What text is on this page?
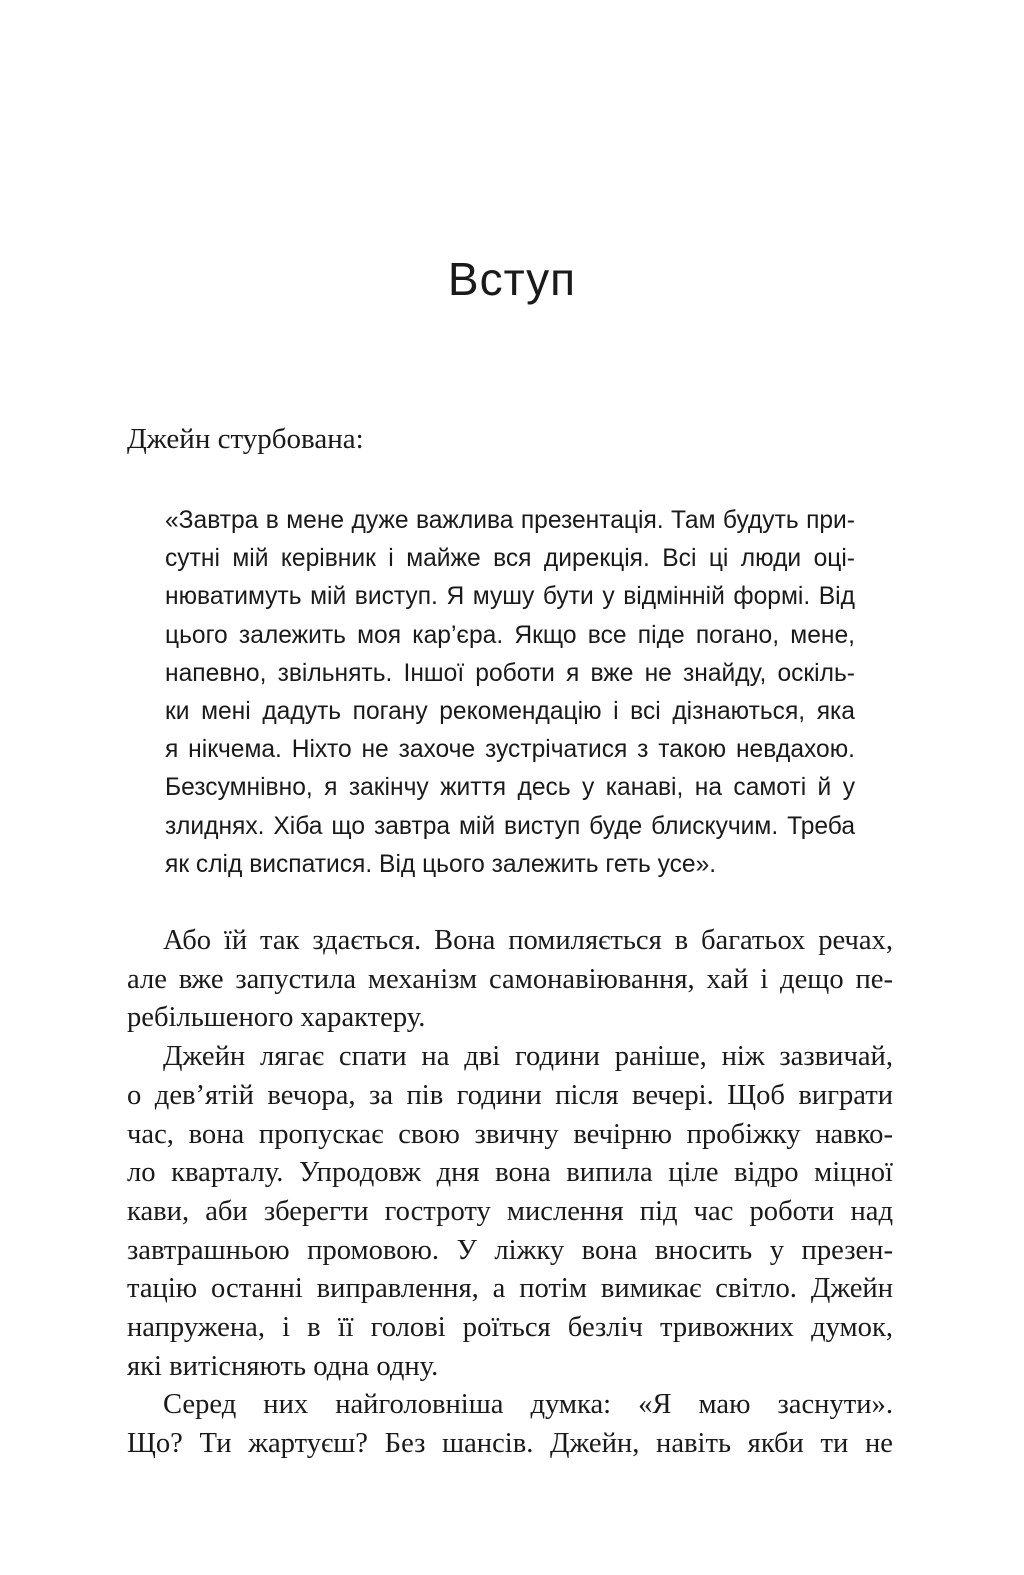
Вступ

Джейн стурбована:

«Завтра в мене дуже важлива презентація. Там будуть при-
сутні мій керівник і майже вся дирекція. Всі ці люди оці-
нюватимуть мій виступ. Я мушу бути у відмінній формі. Від
цього залежить моя кар’єра. Якщо все піде погано, мене,
напевно, звільнять. Іншої роботи я вже не знайду, оскіль-
ки мені дадуть погану рекомендацію і всі дізнаються, яка
я нікчема. Ніхто не захоче зустрічатися з такою невдахою.
Безсумнівно, я закінчу життя десь у канаві, на самоті й у
злиднях. Хіба що завтра мій виступ буде блискучим. Треба
як слід виспатися. Від цього залежить геть усе».
Або їй так здається. Вона помиляється в багатьох речах,
але вже запустила механізм самонавіювання, хай і дещо пе-
ребільшеного характеру.
Джейн лягає спати на дві години раніше, ніж зазвичай,
о дев’ятій вечора, за пів години після вечері. Щоб виграти
час, вона пропускає свою звичну вечірню пробіжку навко-
ло кварталу. Упродовж дня вона випила ціле відро міцної
кави, аби зберегти гостроту мислення під час роботи над
завтрашньою промовою. У ліжку вона вносить у презен-
тацію останні виправлення, а потім вимикає світло. Джейн
напружена, і в її голові роїться безліч тривожних думок,
які витісняють одна одну.
Серед них найголовніша думка: «Я маю заснути».
Що? Ти жартуєш? Без шансів. Джейн, навіть якби ти не
